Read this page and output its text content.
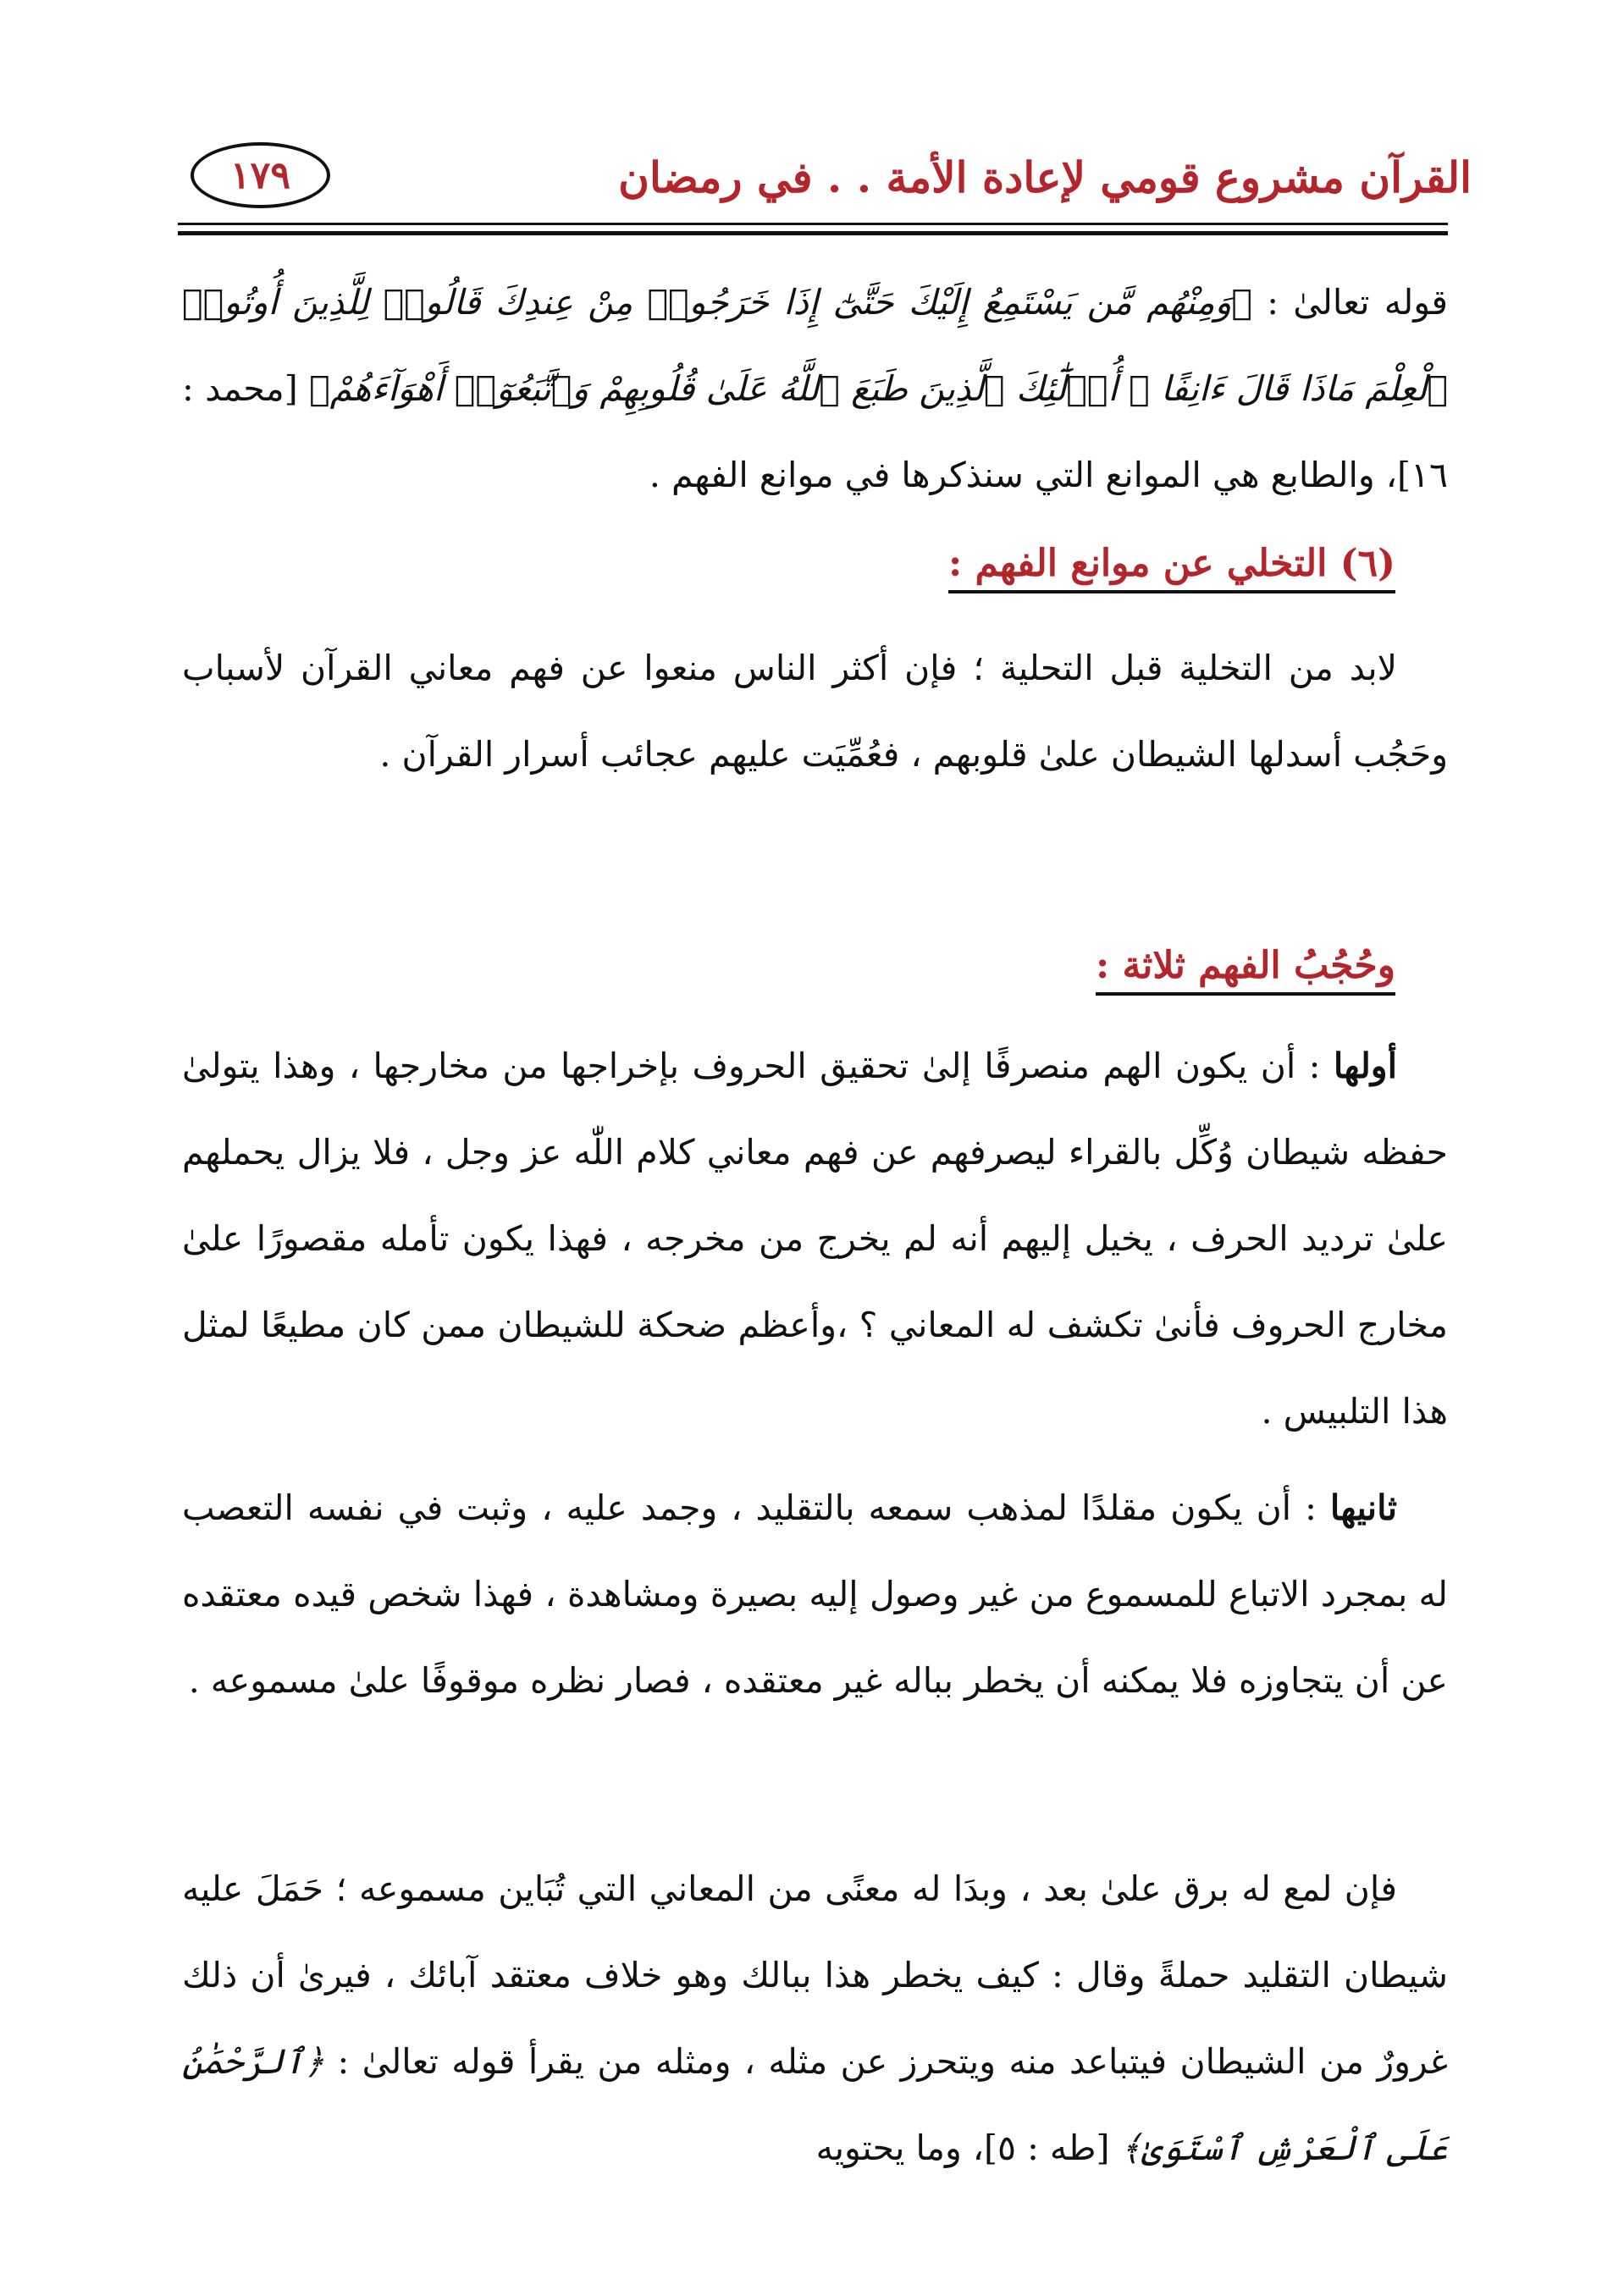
القرآن مشروع قومي لإعادة الأمة . . في رمضان
١٧٩

قوله تعالىٰ : ﴿وَمِنْهُم مَّن يَسْتَمِعُ إِلَيْكَ حَتَّىٰٓ إِذَا خَرَجُوا۟ مِنْ عِندِكَ قَالُوا۟ لِلَّذِينَ أُوتُوا۟ ٱلْعِلْمَ مَاذَا قَالَ ءَانِفًا ۚ أُو۟لَٰٓئِكَ ٱلَّذِينَ طَبَعَ ٱللَّهُ عَلَىٰ قُلُوبِهِمْ وَٱتَّبَعُوٓا۟ أَهْوَآءَهُمْ﴾ [محمد : ١٦]، والطابع هي الموانع التي سنذكرها في موانع الفهم .

(٦) التخلي عن موانع الفهم :

لابد من التخلية قبل التحلية ؛ فإن أكثر الناس منعوا عن فهم معاني القرآن لأسباب وحَجُب أسدلها الشيطان علىٰ قلوبهم ، فعُمِّيَت عليهم عجائب أسرار القرآن .

وحُجُبُ الفهم ثلاثة :

أولها : أن يكون الهم منصرفًا إلىٰ تحقيق الحروف بإخراجها من مخارجها ، وهذا يتولىٰ حفظه شيطان وُكِّل بالقراء ليصرفهم عن فهم معاني كلام اللّٰه عز وجل ، فلا يزال يحملهم علىٰ ترديد الحرف ، يخيل إليهم أنه لم يخرج من مخرجه ، فهذا يكون تأمله مقصورًا علىٰ مخارج الحروف فأنىٰ تكشف له المعاني ؟ ،وأعظم ضحكة للشيطان ممن كان مطيعًا لمثل هذا التلبيس .

ثانيها : أن يكون مقلدًا لمذهب سمعه بالتقليد ، وجمد عليه ، وثبت في نفسه التعصب له بمجرد الاتباع للمسموع من غير وصول إليه بصيرة ومشاهدة ، فهذا شخص قيده معتقده عن أن يتجاوزه فلا يمكنه أن يخطر بباله غير معتقده ، فصار نظره موقوفًا علىٰ مسموعه .

فإن لمع له برق علىٰ بعد ، وبدَا له معنًى من المعاني التي تُبَاين مسموعه ؛ حَمَلَ عليه شيطان التقليد حملةً وقال : كيف يخطر هذا ببالك وهو خلاف معتقد آبائك ، فيرىٰ أن ذلك غرورٌ من الشيطان فيتباعد منه ويتحرز عن مثله ، ومثله من يقرأ قوله تعالىٰ : ﴿ٱلرَّحْمَٰنُ عَلَى ٱلْعَرْشِ ٱسْتَوَىٰ﴾ [طه : ٥]، وما يحتويه
